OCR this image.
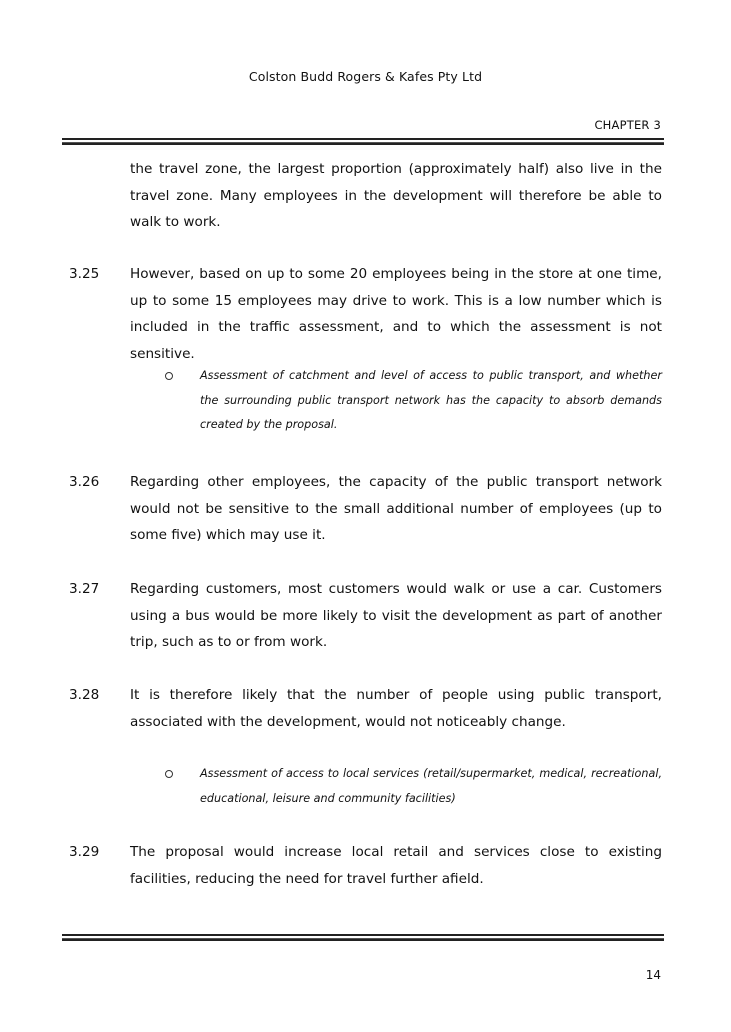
Colston Budd Rogers & Kafes Pty Ltd
CHAPTER 3
the travel zone, the largest proportion (approximately half) also live in the travel zone. Many employees in the development will therefore be able to walk to work.
3.25 However, based on up to some 20 employees being in the store at one time, up to some 15 employees may drive to work. This is a low number which is included in the traffic assessment, and to which the assessment is not sensitive.
Assessment of catchment and level of access to public transport, and whether the surrounding public transport network has the capacity to absorb demands created by the proposal.
3.26 Regarding other employees, the capacity of the public transport network would not be sensitive to the small additional number of employees (up to some five) which may use it.
3.27 Regarding customers, most customers would walk or use a car. Customers using a bus would be more likely to visit the development as part of another trip, such as to or from work.
3.28 It is therefore likely that the number of people using public transport, associated with the development, would not noticeably change.
Assessment of access to local services (retail/supermarket, medical, recreational, educational, leisure and community facilities)
3.29 The proposal would increase local retail and services close to existing facilities, reducing the need for travel further afield.
14
